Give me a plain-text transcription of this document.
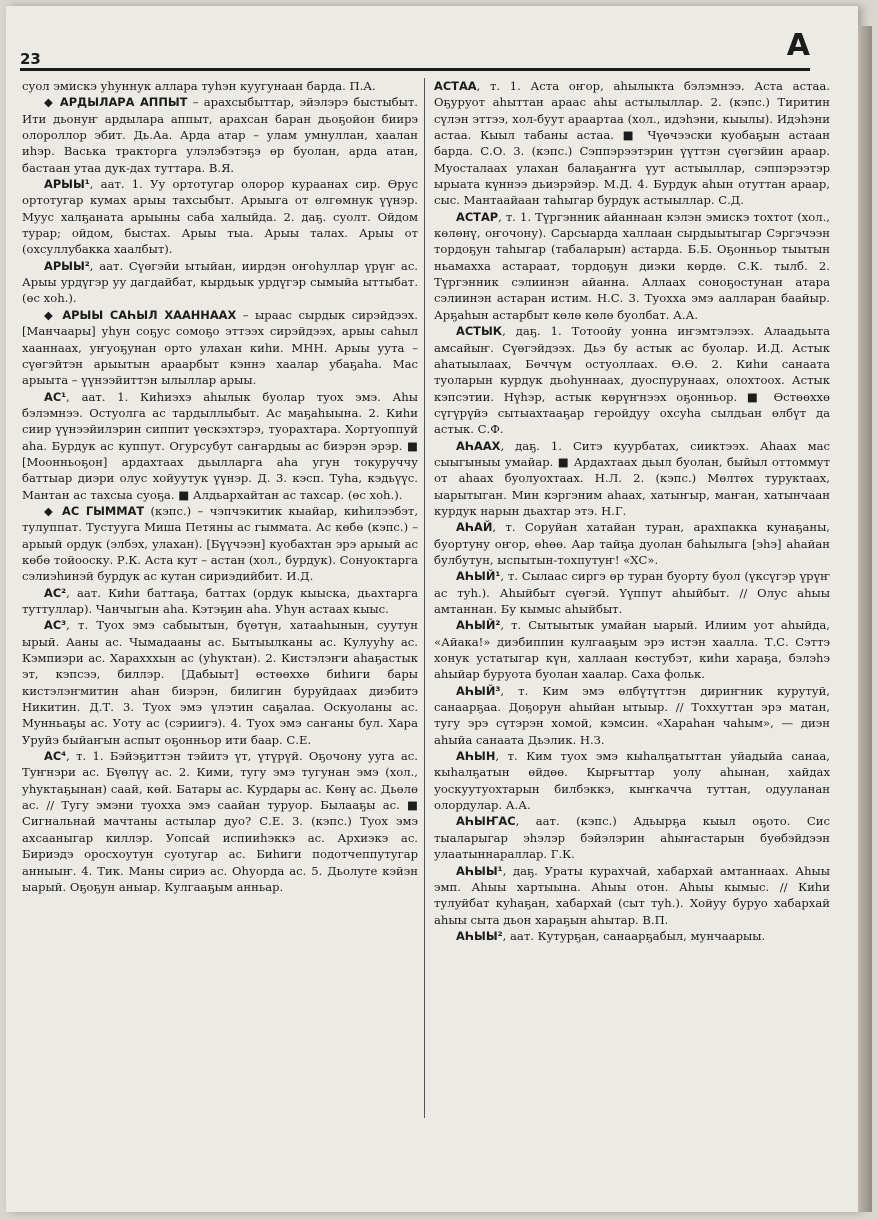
23	А

суол эмискэ уһуннук аллара туһэн куугунаан барда. П.А.

◆ АРДЫЛАРА АППЫТ – арахсыбыттар, эйэлэрэ быстыбыт. Ити дьонуҥ ардылара аппыт, арахсан баран дьоҕойон биирэ олороллор эбит. Дь.Аа. Арда атар – улам умнуллан, хаалан иһэр. Васька тракторга улэлэбэтэҕэ өр буолан, арда атан, бастаан утаа дук-дах туттара. В.Я.

АРЫЫ¹, аат. 1. Уу ортотугар олорор кураанах сир. Өрус ортотугар кумах арыы тахсыбыт. Арыыга от өлгөмнук үүнэр. Муус халҕаната арыыны саба халыйда. 2. даҕ. суолт. Ойдом турар; ойдом, быстах. Арыы тыа. Арыы талах. Арыы от (охсуллубакка хаалбыт).

АРЫЫ², аат. Сүөгэйи ытыйан, иирдэн оҥоһуллар үрүҥ ас. Арыы урдүгэр уу дагдайбат, кырдьык урдүгэр сымыйа ыттыбат. (өс хоһ.).

◆ АРЫЫ САҺЫЛ ХААННААХ – ыраас сырдык сирэйдээх. [Манчаары] уһун соҕус сомоҕо эттээх сирэйдээх, арыы саһыл хааннаах, уҥуоҕунан орто улахан киһи. МНН. Арыы уута – сүөгэйтэн арыытын араарбыт кэннэ хаалар убаҕаһа. Мас арыыта – үүнээйиттэн ылыллар арыы.

АС¹, аат. 1. Киһиэхэ аһылык буолар туох эмэ. Аһы бэлэмнээ. Остуолга ас тардыллыбыт. Ас маҕаһыына. 2. Киһи сиир үүнээйилэрин сиппит үөскэхтэрэ, туорахтара. Хортуоппуй аһа. Бурдук ас куппут. Огурсубут саҥардыы ас биэрэн эрэр. ■ [Моонньоҕон] ардахтаах дьылларга аһа угун токуруччу баттыар диэри олус хойуутук үүнэр. Д. 3. кэсп. Туһа, кэдьүүс. Мантан ас тахсыа суоҕа. ■ Алдьархайтан ас тахсар. (өс хоһ.).

◆ АС ГЫММАТ (кэпс.) – чэпчэкитик кыайар, киһилээбэт, тулуппат. Тустууга Миша Петяны ас гыммата. Ас көбө (кэпс.) – арыый ордук (элбэх, улахан). [Бүүчээн] куобахтан эрэ арыый ас көбө тойооску. Р.К. Аста кут – астан (хол., бурдук). Сонуоктарга сэлиэһинэй бурдук ас кутан сириэдийбит. И.Д.

АС², аат. Киһи баттаҕа, баттах (ордук кыыска, дьахтарга туттуллар). Чанчыгын аһа. Кэтэҕин аһа. Уһун астаах кыыс.

АС³, т. Туох эмэ сабыытын, бүөтүн, хатааһынын, суутун ырый. Ааны ас. Чымадааны ас. Бытыылканы ас. Кулууһу ас. Кэмпиэри ас. Харахххын ас (уһуктан). 2. Кистэлэҥи аһаҕастык эт, кэпсээ, биллэр. [Дабыыт] өстөөххө биһиги бары кистэлэҥмитин аһан биэрэн, билигин буруйдаах диэбитэ Никитин. Д.Т. 3. Туох эмэ үлэтин саҕалаа. Оскуоланы ас. Мунньаҕы ас. Уоту ас (сэриигэ). 4. Туох эмэ саҥаны бул. Хара Уруйэ быйаҥын аспыт оҕонньор ити баар. С.Е.

АС⁴, т. 1. Бэйэҕиттэн тэйитэ үт, үтүрүй. Оҕочону ууга ас. Туҥнэри ас. Бүөлүү ас. 2. Кими, тугу эмэ тугунан эмэ (хол., уһуктаҕынан) саай, көй. Батары ас. Курдары ас. Көнү ас. Дьөлө ас. // Тугу эмэни туохха эмэ саайан туруор. Былааҕы ас. ■ Сигнальнай мачтаны астылар дуо? С.Е. 3. (кэпс.) Туох эмэ ахсааныгар киллэр. Уопсай испииһэккэ ас. Архиэкэ ас. Бириэдэ оросхоутун суотугар ас. Биһиги подотчеппутугар анныыҥ. 4. Тик. Маны сириэ ас. Оһуорда ас. 5. Дьолуте кэйэн ыарый. Оҕоҕун аныар. Кулгааҕым анньар.

АСТАА, т. 1. Аста оҥор, аһылыкта бэлэмнээ. Аста астаа. Оҕуруот аһыттан араас аһы астылыллар. 2. (кэпс.) Тиритин сүлэн эттээ, хол-буут араартаа (хол., идэһэни, кыылы). Идэһэни астаа. Кыыл табаны астаа. ■ Чүөчээски куобаҕын астаан барда. С.О. 3. (кэпс.) Сэппэрээтэрин үүттэн сүөгэйин араар. Муосталаах улахан балаҕаҥҥа үут астыыллар, сэппэрээтэр ырыата күннээ дьиэрэйэр. М.Д. 4. Бурдук аһын отуттан араар, сыс. Мантаайаан таһыгар бурдук астыыллар. С.Д.

АСТАР, т. 1. Түргэнник айаннаан кэлэн эмискэ тохтот (хол., көлөнү, оҥочону). Сарсыарда халлаан сырдыытыгар Сэргэчээн тордоҕун таһыгар (табаларын) астарда. Б.Б. Оҕонньор тыытын ньамахха астараат, тордоҕун диэки көрдө. С.К. тылб. 2. Түргэнник сэлиинэн айанна. Аллаах соноҕостунан атара сэлиинэн астаран истим. Н.С. 3. Туохха эмэ аалларан баайыр. Арҕаһын астарбыт көлө көлө буолбат. А.А.

АСТЫК, даҕ. 1. Тотоойу уонна иҥэмтэлээх. Алаадьыта амсайыҥ. Сүөгэйдээх. Дьэ бу астык ас буолар. И.Д. Астык аһатыылаах, Бөччүм остуоллаах. Ө.Ө. 2. Киһи санаата туоларын курдук дьоһуннаах, дуоспурунаах, олохтоох. Астык кэпсэтии. Нүһэр, астык көрүҥнээх оҕонньор. ■ Өстөөххө сүгүрүйэ сытыахтааҕар геройдуу охсуһа сылдьан өлбүт да астык. С.Ф.

АҺААХ, даҕ. 1. Ситэ куурбатах, сииктээх. Аһаах мас сыыгыныы умайар. ■ Ардахтаах дьыл буолан, быйыл оттоммут от аһаах буолуохтаах. Н.Л. 2. (кэпс.) Мөлтөх туруктаах, ыарытыган. Мин кэргэним аһаах, хатыҥыр, маҥан, хатынчаан курдук нарын дьахтар этэ. Н.Г.

АҺАЙ, т. Соруйан хатайан туран, арахпакка кунаҕаны, буортуну оҥор, өһөө. Аар тайҕа дуолан баһылыга [эһэ] аһайан булбутун, ыспытын-тохпутуҥ! «ХС».

АҺЫЙ¹, т. Сылаас сиргэ өр туран буорту буол (үксүгэр үрүҥ ас туһ.). Аһыйбыт сүөгэй. Үүппут аһыйбыт. // Олус аһыы амтаннан. Бу кымыс аһыйбыт.

АҺЫЙ², т. Сытыытык умайан ыарый. Илиим уот аһыйда, «Айака!» диэбиппин кулгааҕым эрэ истэн хаалла. Т.С. Сэттэ хонук устатыгар күн, халлаан көстубэт, киһи хараҕа, бэлэһэ аһыйар буруота буолан хаалар. Саха фольк.

АҺЫЙ³, т. Ким эмэ өлбүтүттэн дириҥник курутуй, санаарҕаа. Доҕорун аһыйан ытыыр. // Тоххуттан эрэ матан, тугу эрэ сүтэрэн хомой, кэмсин. «Хараһан чаһым», — диэн аһыйа санаата Дьэлик. Н.З.

АҺЫН, т. Ким туох эмэ кыһалҕатыттан уйадыйа санаа, кыһалҕатын өйдөө. Кырғыттар уолу аһынан, хайдах уоскуутуохтарын билбэккэ, кыҥкачча туттан, одууланан олордулар. А.А.

АҺЫҤАС, аат. (кэпс.) Адьырҕа кыыл оҕото. Сис тыаларыгар эһэлэр бэйэлэрин аһыҥастарын буөбэйдээн улаатыннараллар. Г.К.

АҺЫЫ¹, даҕ. Ураты курахчай, хабархай амтаннаах. Аһыы эмп. Аһыы хартыына. Аһыы отон. Аһыы кымыс. // Киһи тулуйбат куһаҕан, хабархай (сыт туһ.). Хойуу буруо хабархай аһыы сыта дьон хараҕын аһытар. В.П.

АҺЫЫ², аат. Кутурҕан, санаарҕабыл, мунчаарыы.
